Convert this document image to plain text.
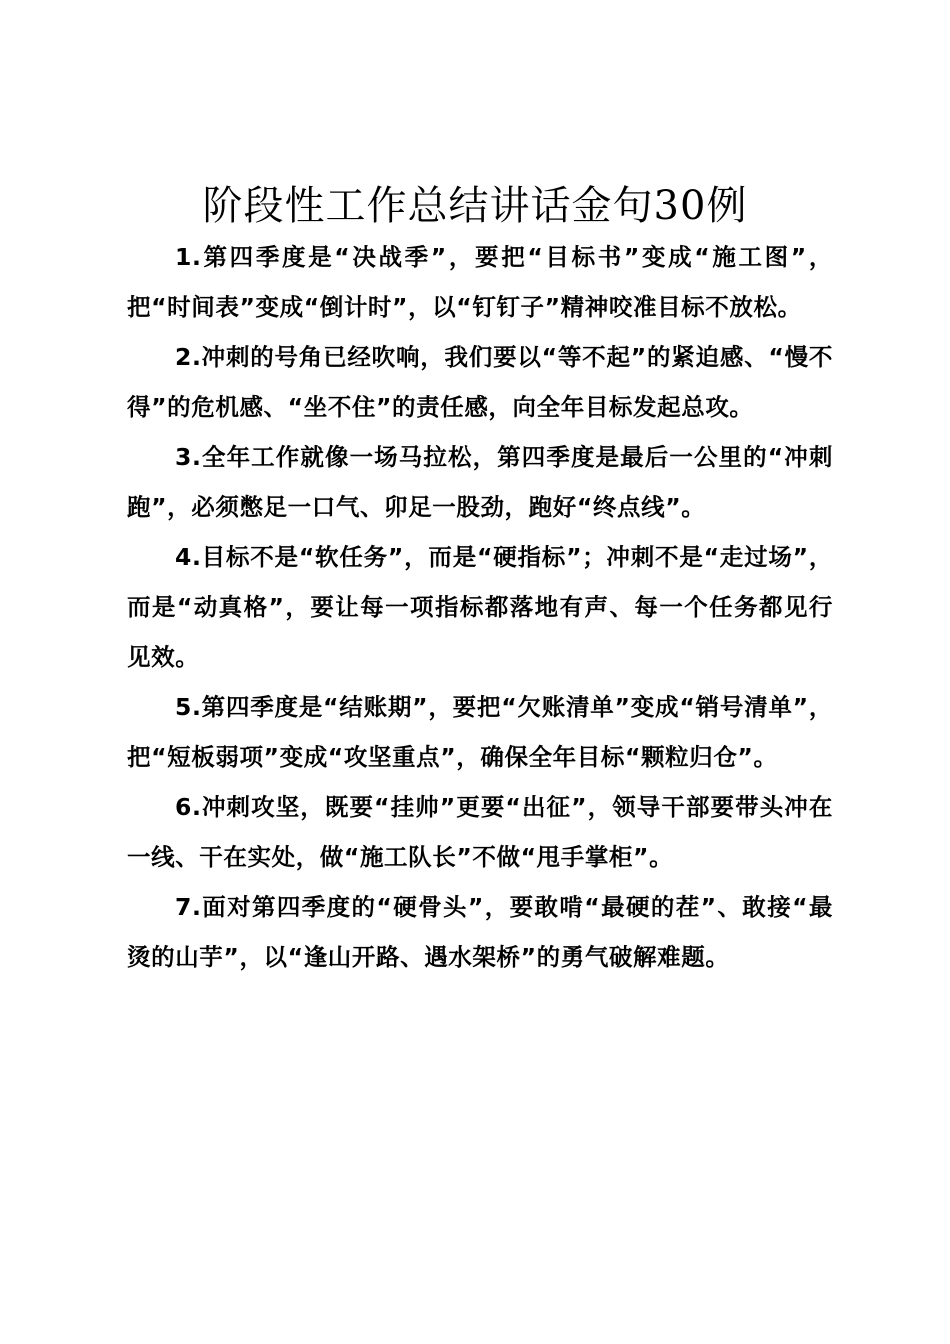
阶段性工作总结讲话金句30例

1.第四季度是“决战季”，要把“目标书”变成“施工图”，把“时间表”变成“倒计时”，以“钉钉子”精神咬准目标不放松。

2.冲刺的号角已经吹响，我们要以“等不起”的紧迫感、“慢不得”的危机感、“坐不住”的责任感，向全年目标发起总攻。

3.全年工作就像一场马拉松，第四季度是最后一公里的“冲刺跑”，必须憋足一口气、卯足一股劲，跑好“终点线”。

4.目标不是“软任务”，而是“硬指标”；冲刺不是“走过场”，而是“动真格”，要让每一项指标都落地有声、每一个任务都见行见效。

5.第四季度是“结账期”，要把“欠账清单”变成“销号清单”，把“短板弱项”变成“攻坚重点”，确保全年目标“颗粒归仓”。

6.冲刺攻坚，既要“挂帅”更要“出征”，领导干部要带头冲在一线、干在实处，做“施工队长”不做“甩手掌柜”。

7.面对第四季度的“硬骨头”，要敢啃“最硬的茬”、敢接“最烫的山芋”，以“逢山开路、遇水架桥”的勇气破解难题。
